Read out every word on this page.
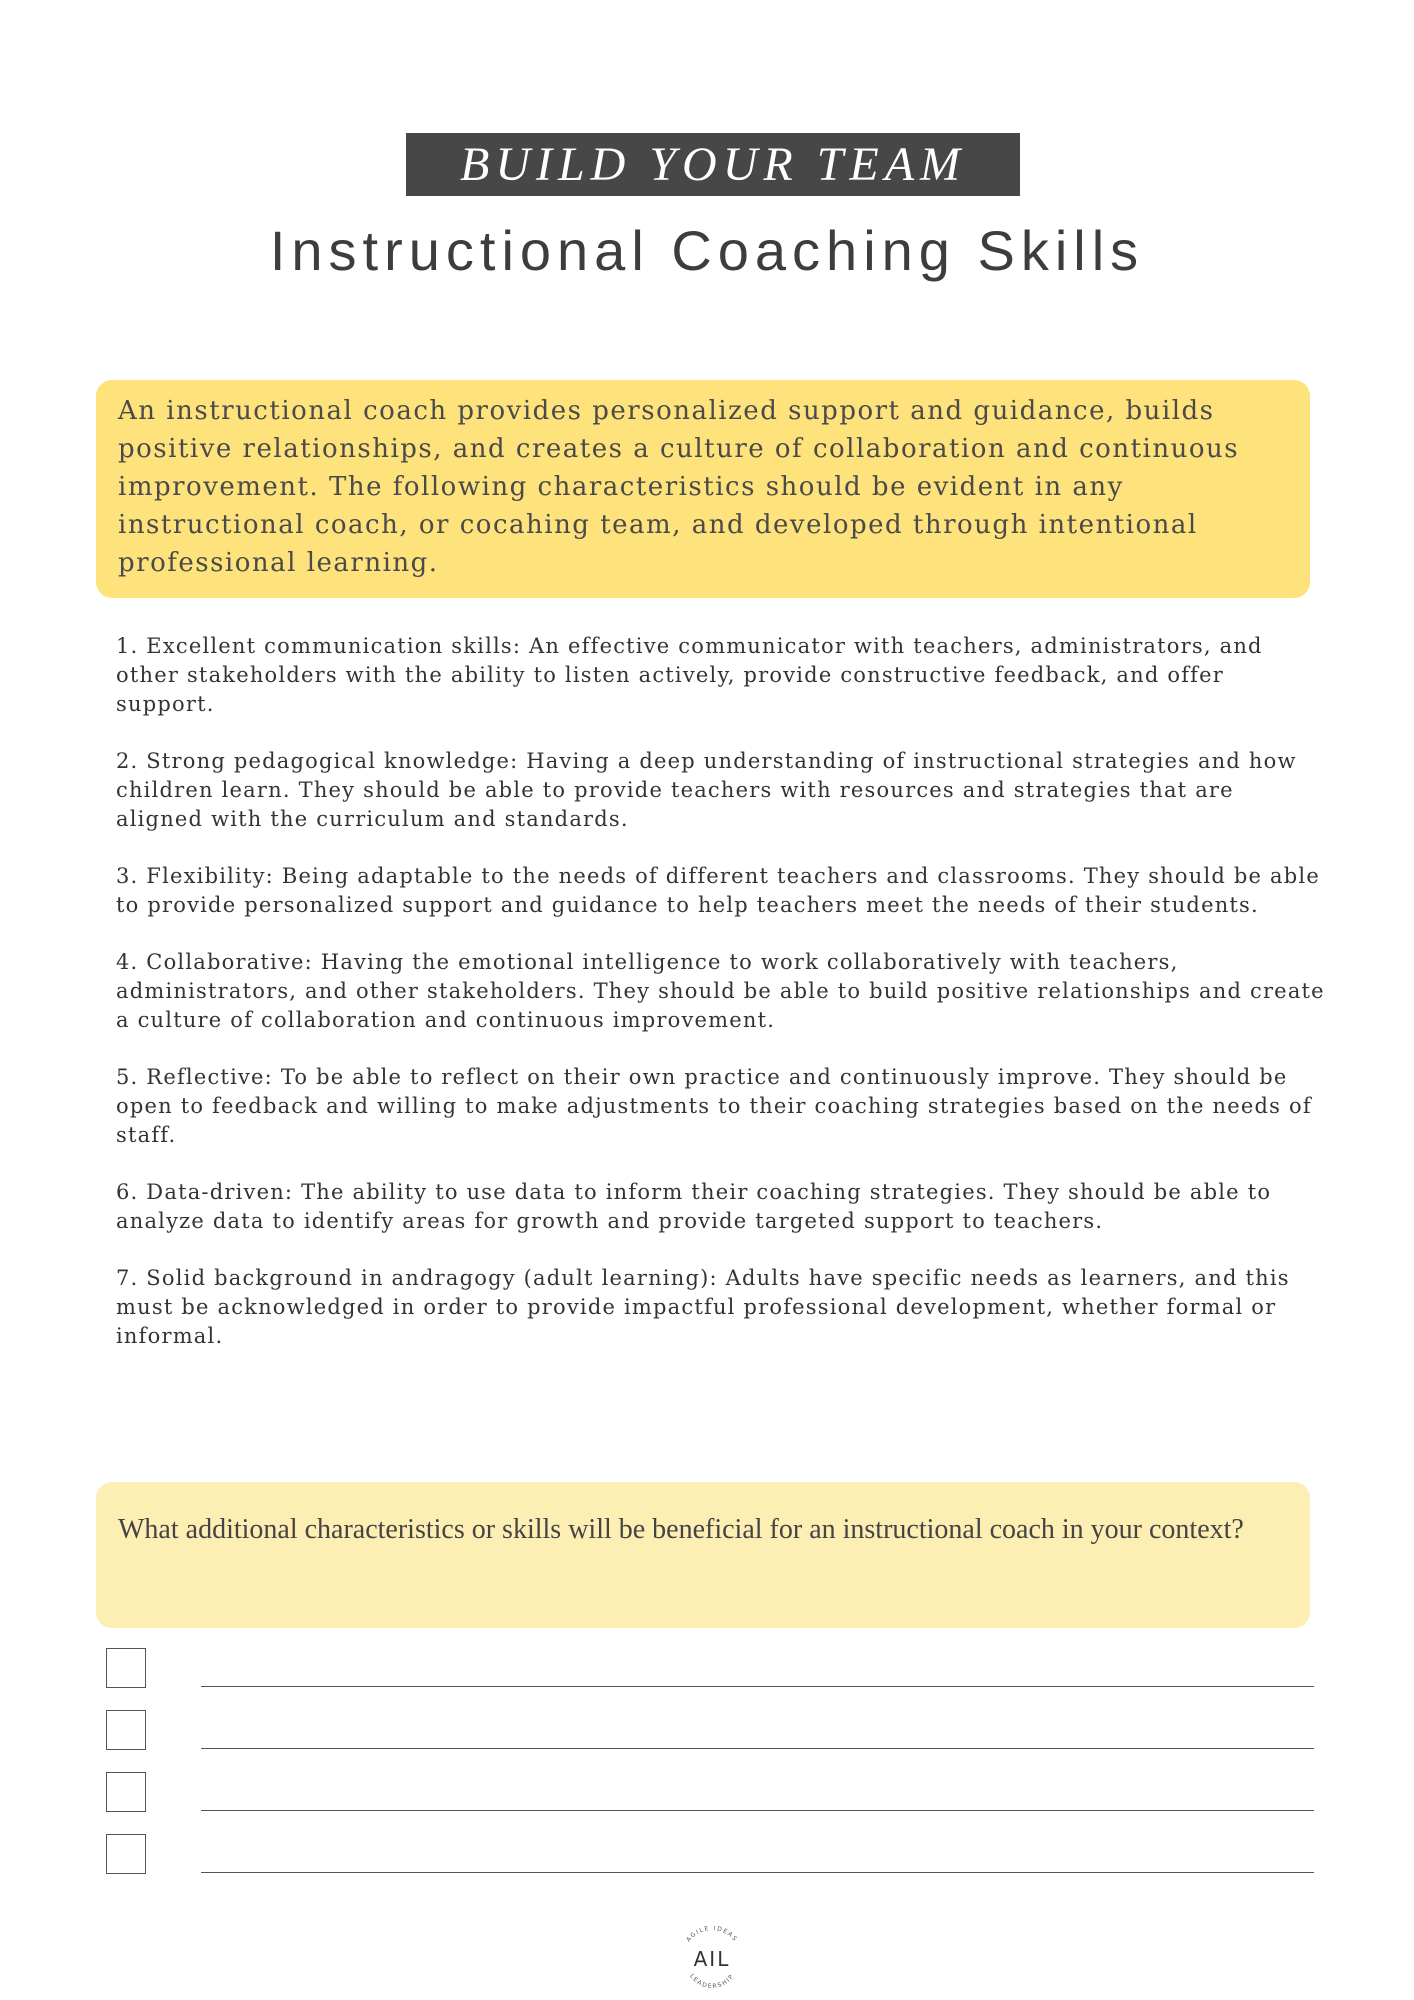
BUILD YOUR TEAM
Instructional Coaching Skills
An instructional coach provides personalized support and guidance, builds positive relationships, and creates a culture of collaboration and continuous improvement. The following characteristics should be evident in any instructional coach, or cocahing team, and developed through intentional professional learning.

1. Excellent communication skills: An effective communicator with teachers, administrators, and other stakeholders with the ability to listen actively, provide constructive feedback, and offer support.

2. Strong pedagogical knowledge: Having a deep understanding of instructional strategies and how children learn. They should be able to provide teachers with resources and strategies that are aligned with the curriculum and standards.

3. Flexibility: Being adaptable to the needs of different teachers and classrooms. They should be able to provide personalized support and guidance to help teachers meet the needs of their students.

4. Collaborative: Having the emotional intelligence to work collaboratively with teachers, administrators, and other stakeholders. They should be able to build positive relationships and create a culture of collaboration and continuous improvement.

5. Reflective: To be able to reflect on their own practice and continuously improve. They should be open to feedback and willing to make adjustments to their coaching strategies based on the needs of staff.

6. Data-driven: The ability to use data to inform their coaching strategies. They should be able to analyze data to identify areas for growth and provide targeted support to teachers.

7. Solid background in andragogy (adult learning): Adults have specific needs as learners, and this must be acknowledged in order to provide impactful professional development, whether formal or informal.

What additional characteristics or skills will be beneficial for an instructional coach in your context?
AGILE IDEAS
AIL
LEADERSHIP
